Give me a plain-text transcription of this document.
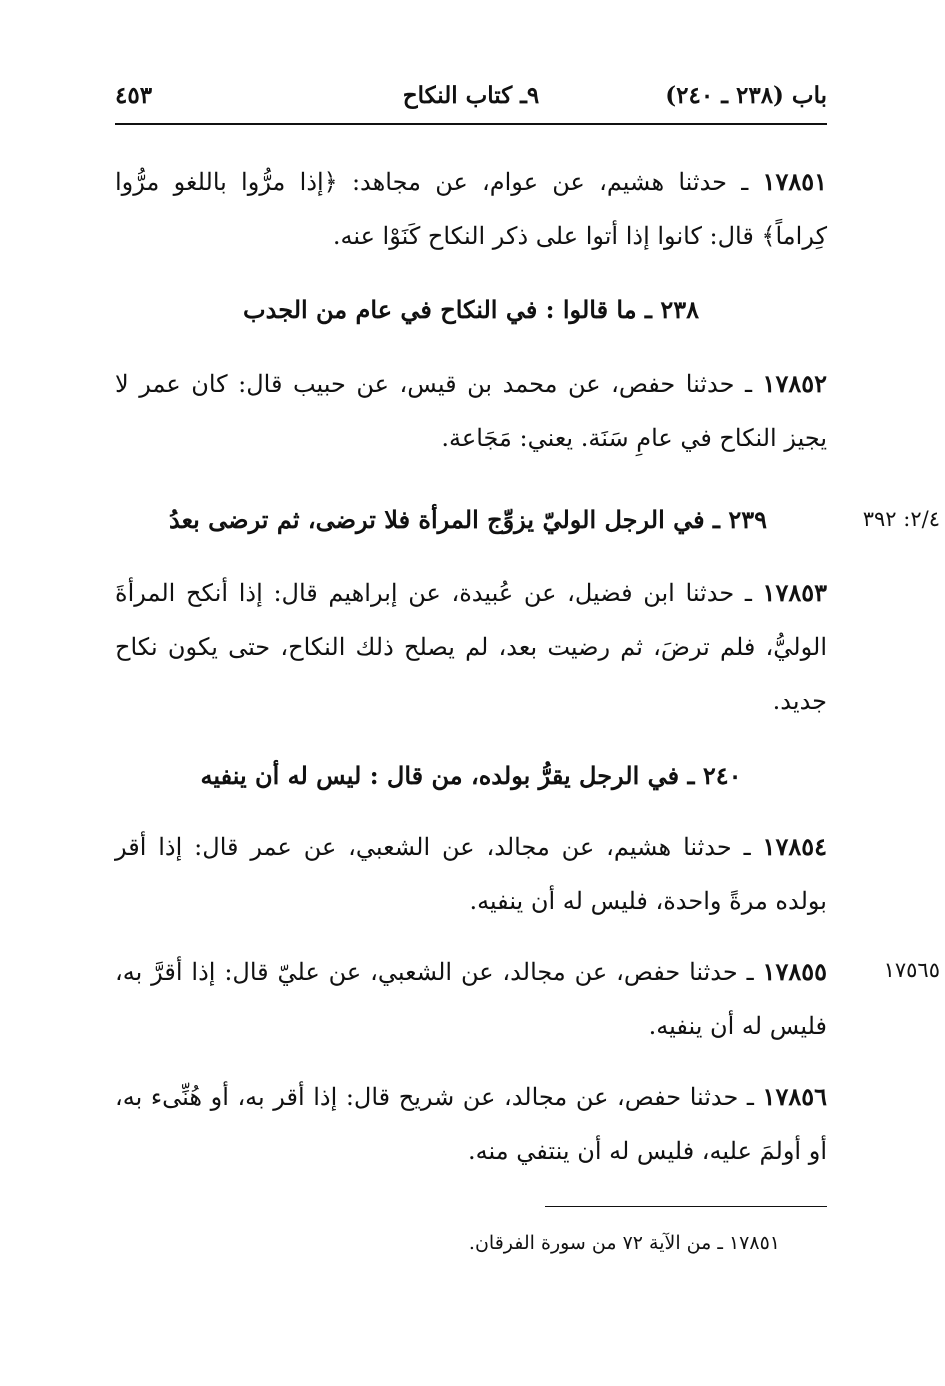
باب (٢٣٨ ـ ٢٤٠)
٩ـ كتاب النكاح
٤٥٣
١٧٨٥١ ـ حدثنا هشيم، عن عوام، عن مجاهد: ﴿إذا مرُّوا باللغو مرُّوا كِراماً﴾ قال: كانوا إذا أتوا على ذكر النكاح كَنَوْا عنه.
٢٣٨ ـ ما قالوا : في النكاح في عام من الجدب
١٧٨٥٢ ـ حدثنا حفص، عن محمد بن قيس، عن حبيب قال: كان عمر لا يجيز النكاح في عامِ سَنَة. يعني: مَجَاعة.
٢٣٩ ـ في الرجل الوليّ يزوِّج المرأة فلا ترضى، ثم ترضى بعدُ	٢/٤: ٣٩٢
١٧٨٥٣ ـ حدثنا ابن فضيل، عن عُبيدة، عن إبراهيم قال: إذا أنكح المرأةَ الوليُّ، فلم ترضَ، ثم رضيت بعد، لم يصلح ذلك النكاح، حتى يكون نكاح جديد.
٢٤٠ ـ في الرجل يقرُّ بولده، من قال : ليس له أن ينفيه
١٧٨٥٤ ـ حدثنا هشيم، عن مجالد، عن الشعبي، عن عمر قال: إذا أقر بولده مرةً واحدة، فليس له أن ينفيه.
١٧٨٥٥ ـ حدثنا حفص، عن مجالد، عن الشعبي، عن عليّ قال: إذا أقرَّ به، فليس له أن ينفيه.
١٧٥٦٥
١٧٨٥٦ ـ حدثنا حفص، عن مجالد، عن شريح قال: إذا أقر به، أو هُنِّىء به، أو أولمَ عليه، فليس له أن ينتفي منه.
١٧٨٥١ ـ من الآية ٧٢ من سورة الفرقان.
